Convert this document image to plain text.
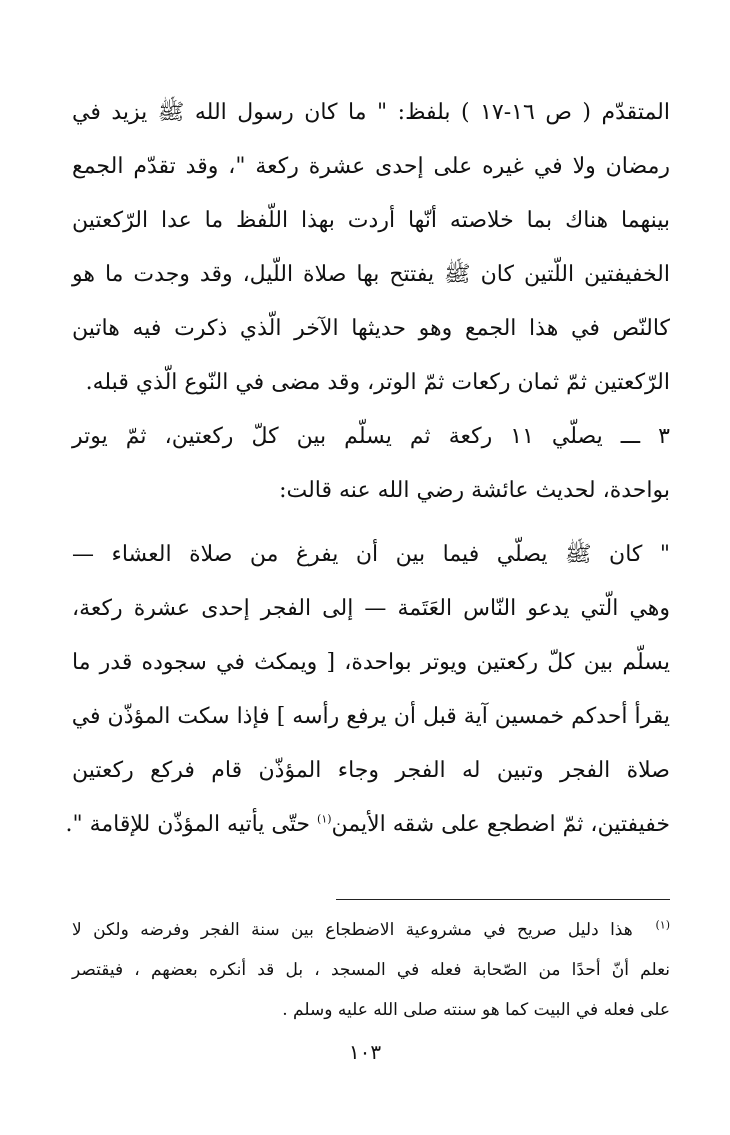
المتقدّم ( ص ١٦-١٧ ) بلفظ: " ما كان رسول الله ﷺ يزيد في
رمضان ولا في غيره على إحدى عشرة ركعة "، وقد تقدّم الجمع
بينهما هناك بما خلاصته أنّها أردت بهذا اللّفظ ما عدا الرّكعتين
الخفيفتين اللّتين كان ﷺ يفتتح بها صلاة اللّيل، وقد وجدت ما هو
كالنّص في هذا الجمع وهو حديثها الآخر الّذي ذكرت فيه هاتين
الرّكعتين ثمّ ثمان ركعات ثمّ الوتر، وقد مضى في النّوع الّذي قبله.
٣ ـــ يصلّي ١١ ركعة ثم يسلّم بين كلّ ركعتين، ثمّ يوتر
بواحدة، لحديث عائشة رضي الله عنه قالت:
" كان ﷺ يصلّي فيما بين أن يفرغ من صلاة العشاء —
وهي الّتي يدعو النّاس العَتَمة — إلى الفجر إحدى عشرة ركعة،
يسلّم بين كلّ ركعتين ويوتر بواحدة، [ ويمكث في سجوده قدر ما
يقرأ أحدكم خمسين آية قبل أن يرفع رأسه ] فإذا سكت المؤذّن في
صلاة الفجر وتبين له الفجر وجاء المؤذّن قام فركع ركعتين
خفيفتين، ثمّ اضطجع على شقه الأيمن$^{(١)}$ حتّى يأتيه المؤذّن للإقامة ".
$^{(١)}$  هذا دليل صريح في مشروعية الاضطجاع بين سنة الفجر وفرضه ولكن لا
نعلم أنّ أحدًا من الصّحابة فعله في المسجد ، بل قد أنكره بعضهم ، فيقتصر
على فعله في البيت كما هو سنته صلى الله عليه وسلم .
١٠٣
